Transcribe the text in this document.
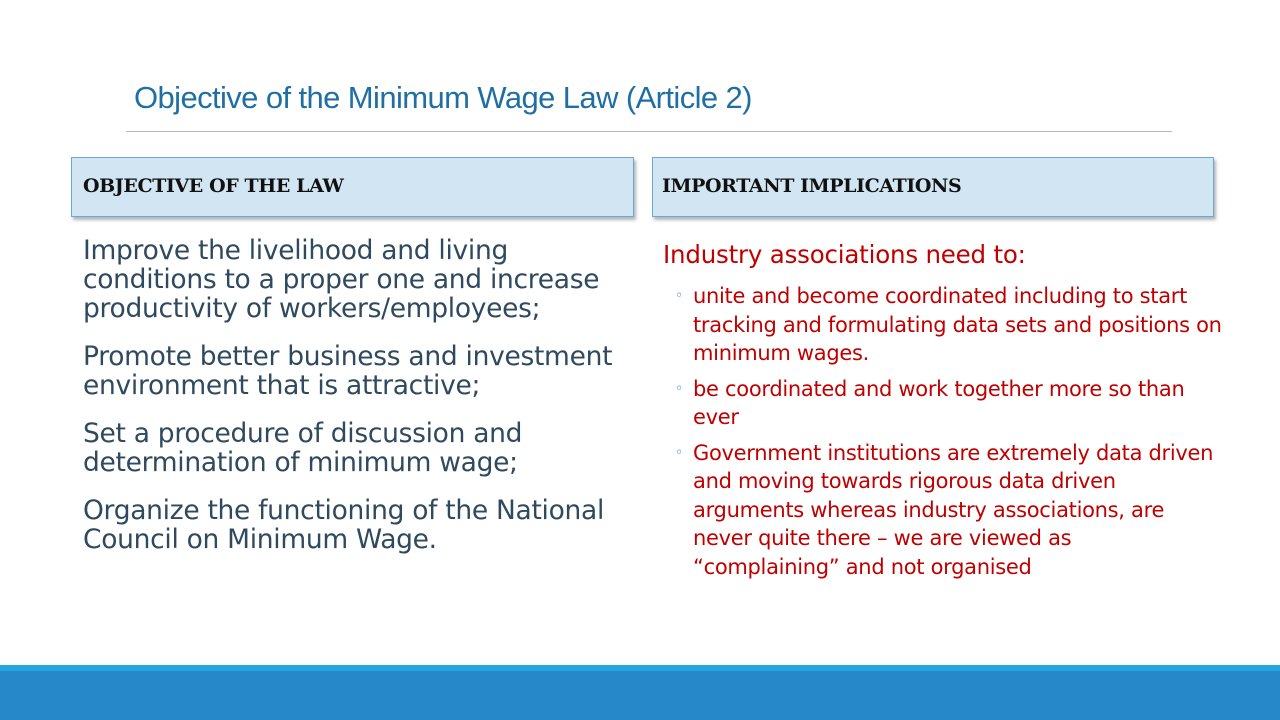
Objective of the Minimum Wage Law (Article 2)
OBJECTIVE OF THE LAW	IMPORTANT IMPLICATIONS
Improve the livelihood and living conditions to a proper one and increase productivity of workers/employees;
Promote better business and investment environment that is attractive;
Set a procedure of discussion and determination of minimum wage;
Organize the functioning of the National Council on Minimum Wage.
Industry associations need to:
◦ unite and become coordinated including to start tracking and formulating data sets and positions on minimum wages.
◦ be coordinated and work together more so than ever
◦ Government institutions are extremely data driven and moving towards rigorous data driven arguments whereas industry associations, are never quite there – we are viewed as “complaining” and not organised
